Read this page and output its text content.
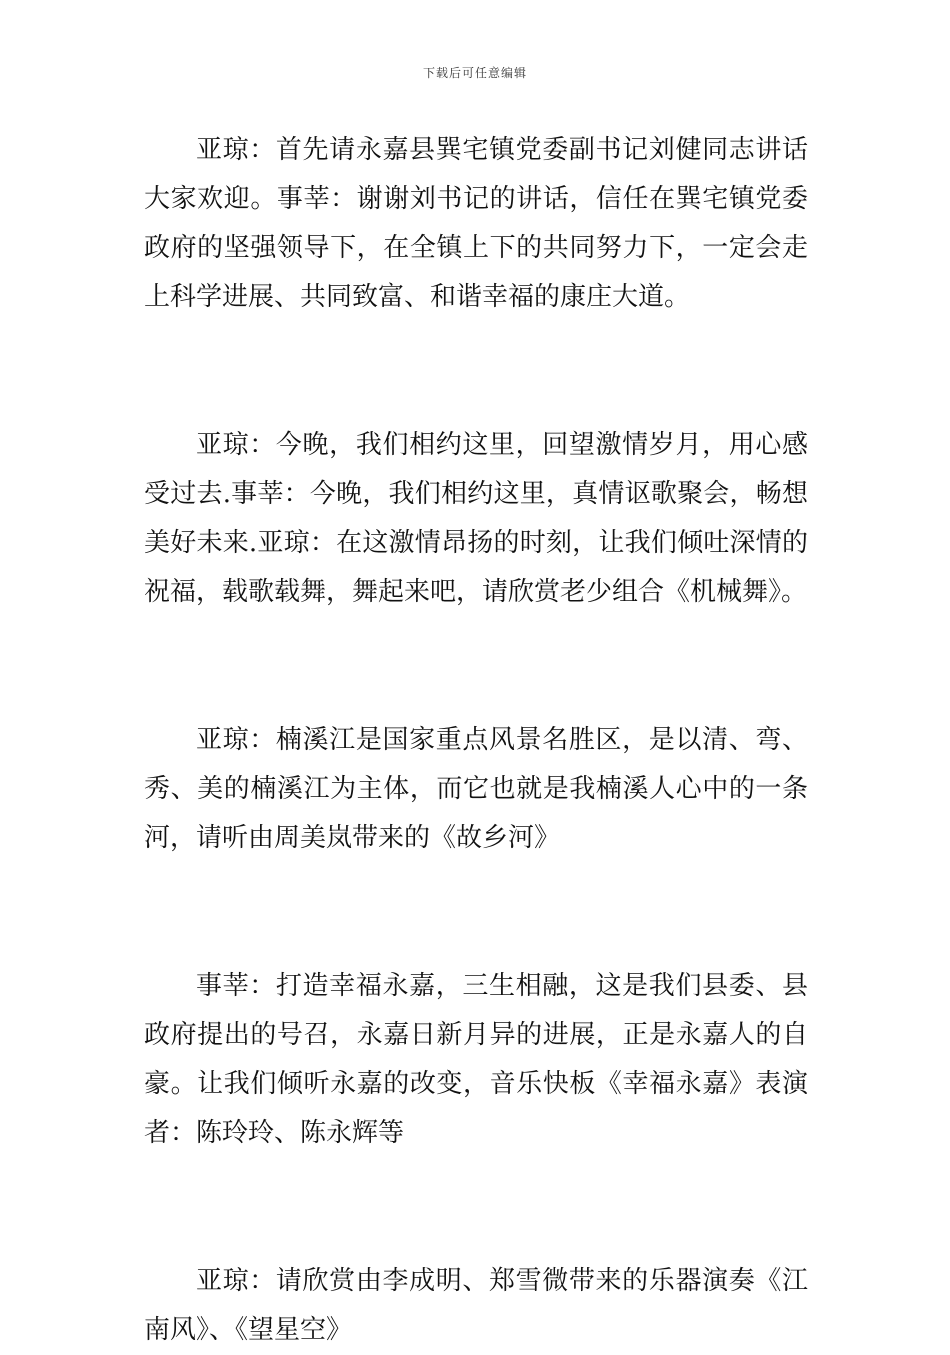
下载后可任意编辑

亚琼：首先请永嘉县巽宅镇党委副书记刘健同志讲话大家欢迎。事莘：谢谢刘书记的讲话，信任在巽宅镇党委政府的坚强领导下，在全镇上下的共同努力下，一定会走上科学进展、共同致富、和谐幸福的康庄大道。

亚琼：今晚，我们相约这里，回望激情岁月，用心感受过去.事莘：今晚，我们相约这里，真情讴歌聚会，畅想美好未来.亚琼：在这激情昂扬的时刻，让我们倾吐深情的祝福，载歌载舞，舞起来吧，请欣赏老少组合《机械舞》。

亚琼：楠溪江是国家重点风景名胜区，是以清、弯、秀、美的楠溪江为主体，而它也就是我楠溪人心中的一条河，请听由周美岚带来的《故乡河》

事莘：打造幸福永嘉，三生相融，这是我们县委、县政府提出的号召，永嘉日新月异的进展，正是永嘉人的自豪。让我们倾听永嘉的改变，音乐快板《幸福永嘉》表演者：陈玲玲、陈永辉等

亚琼：请欣赏由李成明、郑雪微带来的乐器演奏《江南风》、《望星空》
